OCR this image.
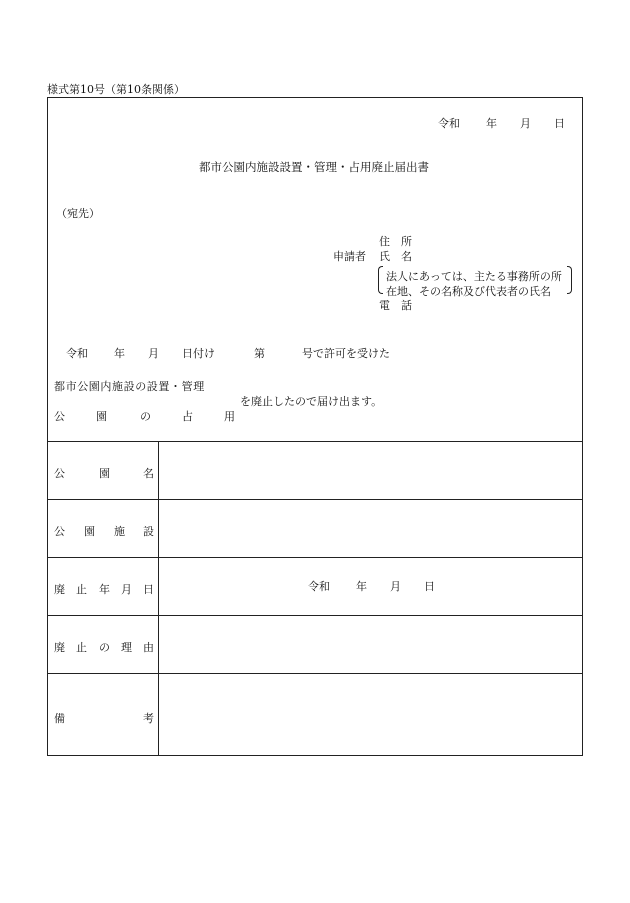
様式第10号（第10条関係）
令和 年 月 日
都市公園内施設設置・管理・占用廃止届出書
（宛先）
令和 年 月 日付け	第	号で許可を受けた
都市公園内施設の設置・管理
公	園	の	占	用
を廃止したので届け出ます。
公	園	名
公 園 施 設
廃 止 年 月 日	令和 年 月 日
廃 止 の 理 由
備	考
申請者
住　所
氏　名
法人にあっては、主たる事務所の所
在地、その名称及び代表者の氏名
電　話
